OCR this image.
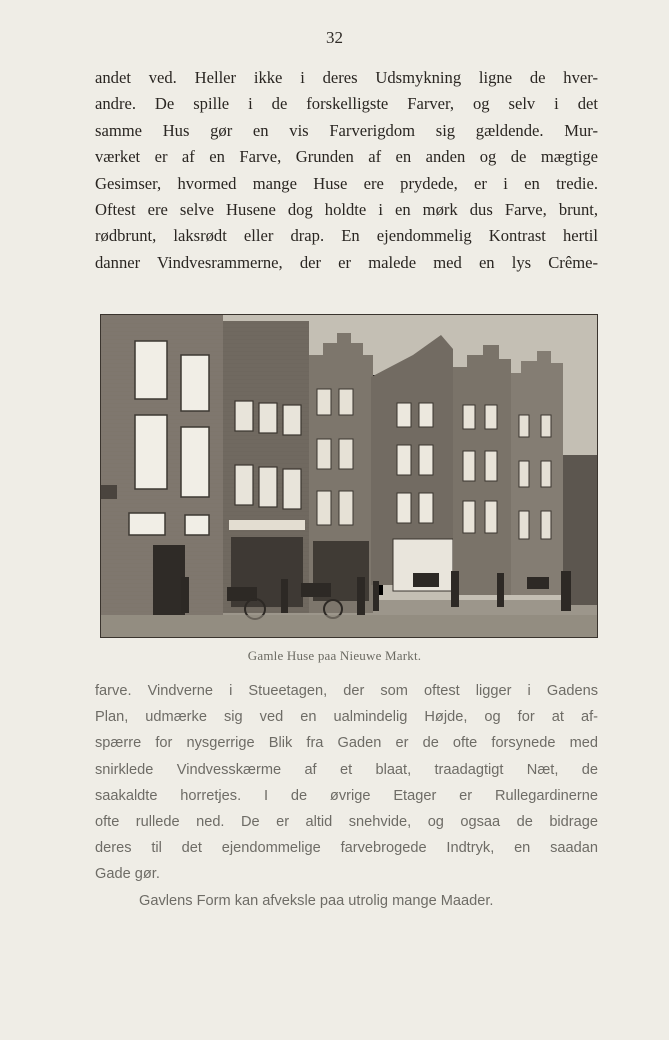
32
andet ved. Heller ikke i deres Udsmykning ligne de hver-
andre. De spille i de forskelligste Farver, og selv i det
samme Hus gør en vis Farverigdom sig gældende. Mur-
værket er af en Farve, Grunden af en anden og de mægtige
Gesimser, hvormed mange Huse ere prydede, er i en tredie.
Oftest ere selve Husene dog holdte i en mørk dus Farve, brunt,
rødbrunt, laksrødt eller drap. En ejendommelig Kontrast hertil
danner Vindvesrammerne, der er malede med en lys Crême-
Gamle Huse paa Nieuwe Markt.
farve. Vindverne i Stueetagen, der som oftest ligger i Gadens
Plan, udmærke sig ved en ualmindelig Højde, og for at af-
spærre for nysgerrige Blik fra Gaden er de ofte forsynede med
snirklede Vindvesskærme af et blaat, traadagtigt Næt, de
saakaldte horretjes. I de øvrige Etager er Rullegardinerne
ofte rullede ned. De er altid snehvide, og ogsaa de bidrage
deres til det ejendommelige farvebrogede Indtryk, en saadan
Gade gør.
Gavlens Form kan afveksle paa utrolig mange Maader.
